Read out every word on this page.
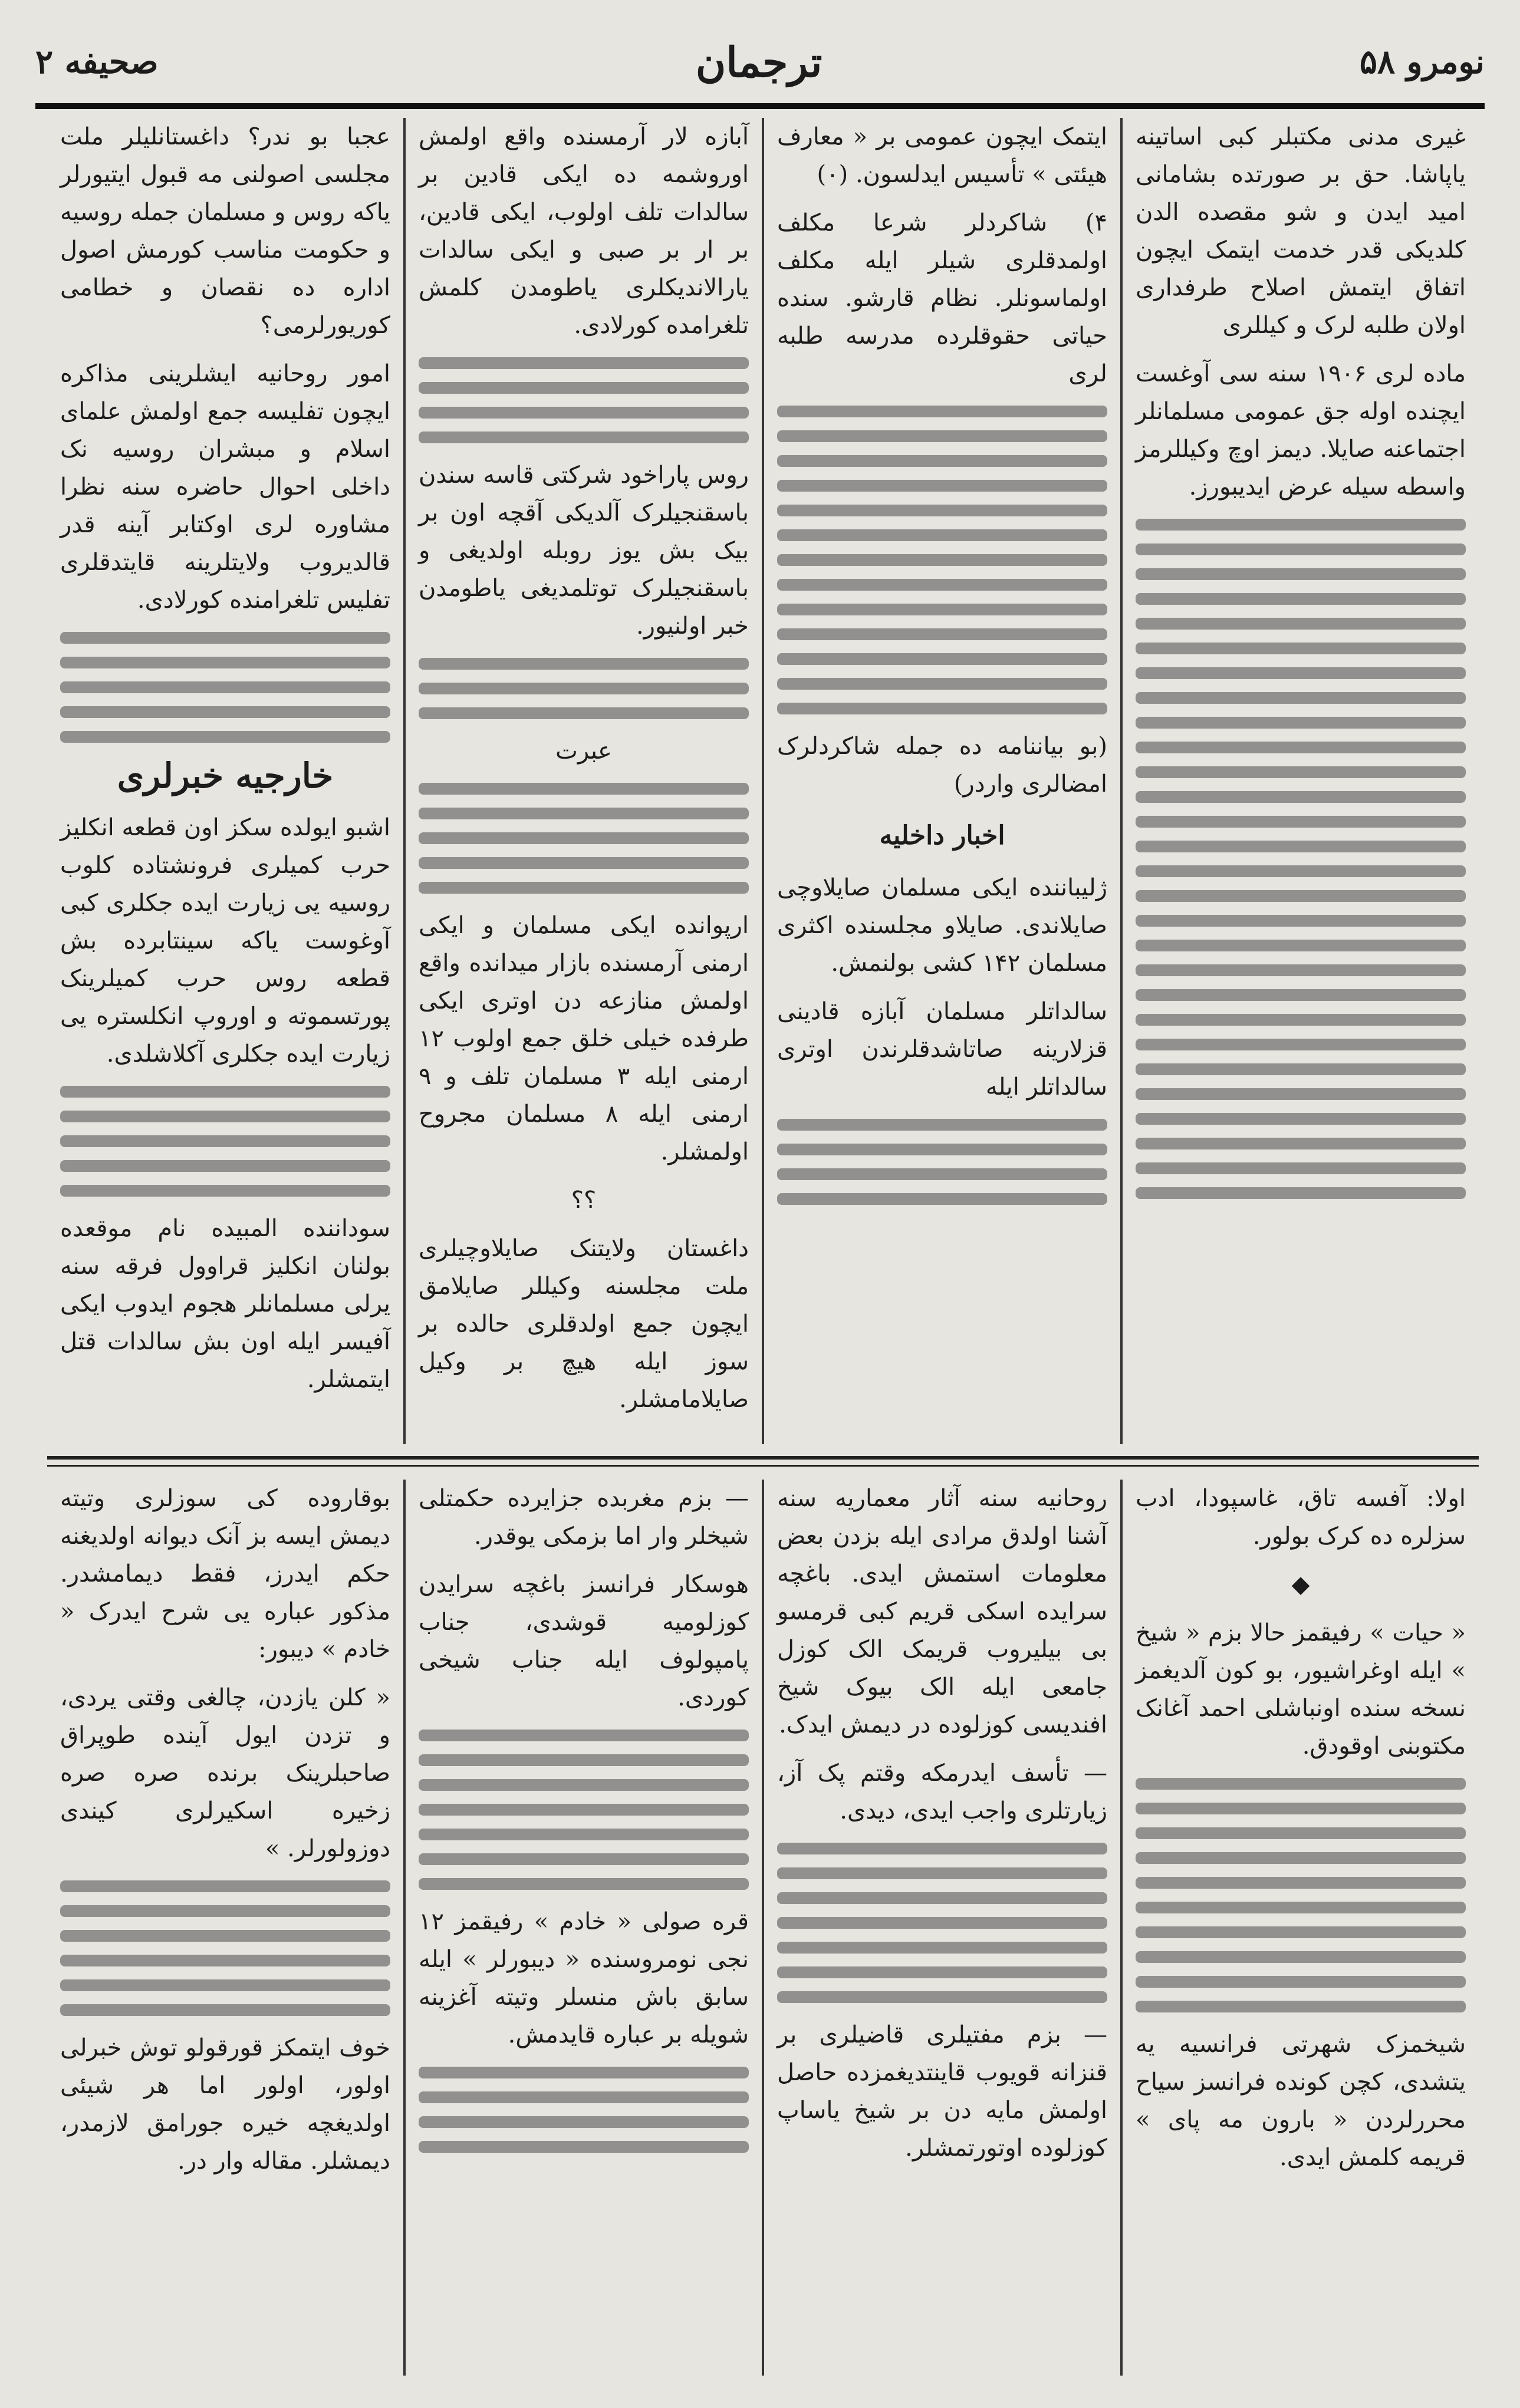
نومرو ۵۸
ترجمان
صحیفه ۲

غیری مدنی مکتبلر کبی اساتینه یاپاشا. حق بر صورتده بشامانی امید ایدن و شو مقصده الدن کلدیکی قدر خدمت ایتمک ایچون اتفاق ایتمش اصلاح طرفداری اولان طلبه لرک و کیللری

ماده لری ۱۹۰۶ سنه سی آوغست ایچنده اوله جق عمومی مسلمانلر اجتماعنه صایلا. دیمز اوچ وکیللرمز واسطه سیله عرض ایدیبورز.

ایتمک ایچون عمومی بر « معارف هیئتی » تأسیس ایدلسون. (۰)

۴) شاکردلر شرعا مکلف اولمدقلری شیلر ایله مکلف اولماسونلر. نظام قارشو. سنده حیاتی حقوقلرده مدرسه طلبه لری

(بو بیاننامه ده جمله شاکردلرک امضالری واردر)

اخبار داخلیه

ژلیباننده ایکی مسلمان صایلاوچی صایلاندی. صایلاو مجلسنده اکثری مسلمان ۱۴۲ کشی بولنمش.

سالداتلر مسلمان آبازه قادینی قزلارینه صاتاشدقلرندن اوتری سالداتلر ایله

آبازه لار آرمسنده واقع اولمش اوروشمه ده ایکی قادین بر سالدات تلف اولوب، ایکی قادین، بر ار بر صبی و ایکی سالدات یارالاندیکلری یاطومدن کلمش تلغرامده کورلادی.

روس پاراخود شرکتی قاسه سندن باسقنجیلرک آلدیکی آقچه اون بر بیک بش یوز روبله اولدیغی و باسقنجیلرک توتلمدیغی یاطومدن خبر اولنیور.

عبرت

ارپوانده ایکی مسلمان و ایکی ارمنی آرمسنده بازار میدانده واقع اولمش منازعه دن اوتری ایکی طرفده خیلی خلق جمع اولوب ۱۲ ارمنی ایله ۳ مسلمان تلف و ۹ ارمنی ایله ۸ مسلمان مجروح اولمشلر.

؟؟

داغستان ولایتنک صایلاوچیلری ملت مجلسنه وکیللر صایلامق ایچون جمع اولدقلری حالده بر سوز ایله هیچ بر وکیل صایلامامشلر.

عجبا بو ندر؟ داغستانلیلر ملت مجلسی اصولنی مه قبول ایتیورلر یاکه روس و مسلمان جمله روسیه و حکومت مناسب کورمش اصول اداره ده نقصان و خطامی کوریورلرمی؟

امور روحانیه ایشلرینی مذاکره ایچون تفلیسه جمع اولمش علمای اسلام و مبشران روسیه نک داخلی احوال حاضره سنه نظرا مشاوره لری اوکتابر آینه قدر قالدیروب ولایتلرینه قایتدقلری تفلیس تلغرامنده کورلادی.

خارجیه خبرلری

اشبو ایولده سکز اون قطعه انکلیز حرب کمیلری فرونشتاده کلوب روسیه یی زیارت ایده جکلری کبی آوغوست یاکه سینتابرده بش قطعه روس حرب کمیلرینک پورتسموته و اوروپ انکلستره یی زیارت ایده جکلری آکلاشلدی.

سوداننده المبیده نام موقعده بولنان انکلیز قراوول فرقه سنه یرلی مسلمانلر هجوم ایدوب ایکی آفیسر ایله اون بش سالدات قتل ایتمشلر.

اولا: آفسه تاق، غاسپودا، ادب سزلره ده کرک بولور.

◆

« حیات » رفیقمز حالا بزم « شیخ » ایله اوغراشیور، بو کون آلدیغمز نسخه سنده اونباشلی احمد آغانک مکتوبنی اوقودق.

شیخمزک شهرتی فرانسیه یه یتشدی، کچن کونده فرانسز سیاح محررلردن « بارون مه پای » قریمه کلمش ایدی.

روحانیه سنه آثار معماریه سنه آشنا اولدق مرادی ایله بزدن بعض معلومات استمش ایدی. باغچه سرایده اسکی قریم کبی قرمسو بی بیلیروب قریمک الک کوزل جامعی ایله الک بیوک شیخ افندیسی کوزلوده در دیمش ایدک.

— تأسف ایدرمکه وقتم پک آز، زیارتلری واجب ایدی، دیدی.

— بزم مفتیلری قاضیلری بر قنزانه قویوب قاینتدیغمزده حاصل اولمش مایه دن بر شیخ یاساپ کوزلوده اوتورتمشلر.

— بزم مغربده جزایرده حکمتلی شیخلر وار اما بزمکی یوقدر.

هوسکار فرانسز باغچه سرایدن کوزلومیه قوشدی، جناب پامپولوف ایله جناب شیخی کوردی.

قره صولی « خادم » رفیقمز ۱۲ نجی نومروسنده « دیبورلر » ایله سابق باش منسلر وتیته آغزینه شویله بر عباره قایدمش.

بوقاروده کی سوزلری وتیته دیمش ایسه بز آنک دیوانه اولدیغنه حکم ایدرز، فقط دیمامشدر. مذکور عباره یی شرح ایدرک « خادم » دیبور:

« کلن یازدن، چالغی وقتی یردی، و تزدن ایول آینده طوپراق صاحبلرینک برنده صره صره زخیره اسکیرلری کیندی دوزولورلر. »

خوف ایتمکز قورقولو توش خبرلی اولور، اولور اما هر شیئی اولدیغچه خیره جورامق لازمدر، دیمشلر. مقاله وار در.
